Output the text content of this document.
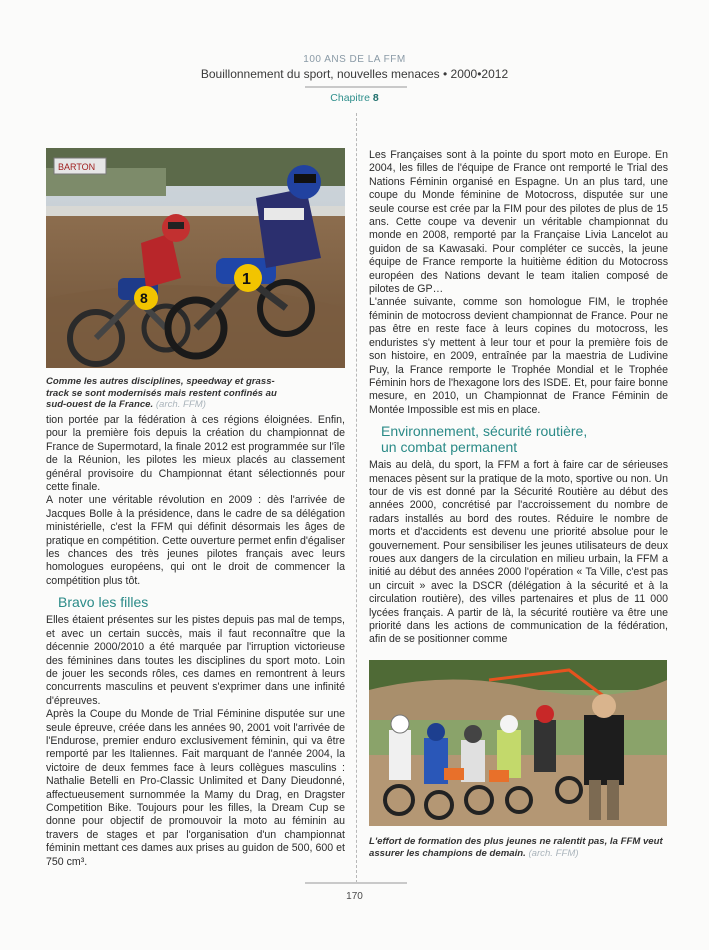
100 ANS DE LA FFM
Bouillonnement du sport, nouvelles menaces • 2000•2012
Chapitre 8
BARTON
8
1
Comme les autres disciplines, speedway et grass-track se sont modernisés mais restent confinés au sud-ouest de la France. (arch. FFM)

tion portée par la fédération à ces régions éloignées. Enfin, pour la première fois depuis la création du championnat de France de Supermotard, la finale 2012 est programmée sur l'île de la Réunion, les pilotes les mieux placés au classement général provisoire du Championnat étant sélectionnés pour cette finale.

A noter une véritable révolution en 2009 : dès l'arrivée de Jacques Bolle à la présidence, dans le cadre de sa délégation ministérielle, c'est la FFM qui définit désormais les âges de pratique en compétition. Cette ouverture permet enfin d'égaliser les chances des très jeunes pilotes français avec leurs homologues européens, qui ont le droit de commencer la compétition plus tôt.

Bravo les filles

Elles étaient présentes sur les pistes depuis pas mal de temps, et avec un certain succès, mais il faut reconnaître que la décennie 2000/2010 a été marquée par l'irruption victorieuse des féminines dans toutes les disciplines du sport moto. Loin de jouer les seconds rôles, ces dames en remontrent à leurs concurrents masculins et peuvent s'exprimer dans une infinité d'épreuves.

Après la Coupe du Monde de Trial Féminine disputée sur une seule épreuve, créée dans les années 90, 2001 voit l'arrivée de l'Endurose, premier enduro exclusivement féminin, qui va être remporté par les Italiennes. Fait marquant de l'année 2004, la victoire de deux femmes face à leurs collègues masculins : Nathalie Betelli en Pro-Classic Unlimited et Dany Dieudonné, affectueusement surnommée la Mamy du Drag, en Dragster Competition Bike. Toujours pour les filles, la Dream Cup se donne pour objectif de promouvoir la moto au féminin au travers de stages et par l'organisation d'un championnat féminin mettant ces dames aux prises au guidon de 500, 600 et 750 cm³.

Les Françaises sont à la pointe du sport moto en Europe. En 2004, les filles de l'équipe de France ont remporté le Trial des Nations Féminin organisé en Espagne. Un an plus tard, une coupe du Monde féminine de Motocross, disputée sur une seule course est crée par la FIM pour des pilotes de plus de 15 ans. Cette coupe va devenir un véritable championnat du monde en 2008, remporté par la Française Livia Lancelot au guidon de sa Kawasaki. Pour compléter ce succès, la jeune équipe de France remporte la huitième édition du Motocross européen des Nations devant le team italien composé de pilotes de GP…

L'année suivante, comme son homologue FIM, le trophée féminin de motocross devient championnat de France. Pour ne pas être en reste face à leurs copines du motocross, les enduristes s'y mettent à leur tour et pour la première fois de son histoire, en 2009, entraînée par la maestria de Ludivine Puy, la France remporte le Trophée Mondial et le Trophée Féminin hors de l'hexagone lors des ISDE. Et, pour faire bonne mesure, en 2010, un Championnat de France Féminin de Montée Impossible est mis en place.

Environnement, sécurité routière,
un combat permanent

Mais au delà, du sport, la FFM a fort à faire car de sérieuses menaces pèsent sur la pratique de la moto, sportive ou non. Un tour de vis est donné par la Sécurité Routière au début des années 2000, concrétisé par l'accroissement du nombre de radars installés au bord des routes. Réduire le nombre de morts et d'accidents est devenu une priorité absolue pour le gouvernement. Pour sensibiliser les jeunes utilisateurs de deux roues aux dangers de la circulation en milieu urbain, la FFM a initié au début des années 2000 l'opération « Ta Ville, c'est pas un circuit » avec la DSCR (délégation à la sécurité et à la circulation routière), des villes partenaires et plus de 11 000 lycées français. A partir de là, la sécurité routière va être une priorité dans les actions de communication de la fédération, afin de se positionner comme

L'effort de formation des plus jeunes ne ralentit pas, la FFM veut assurer les champions de demain. (arch. FFM)
170
